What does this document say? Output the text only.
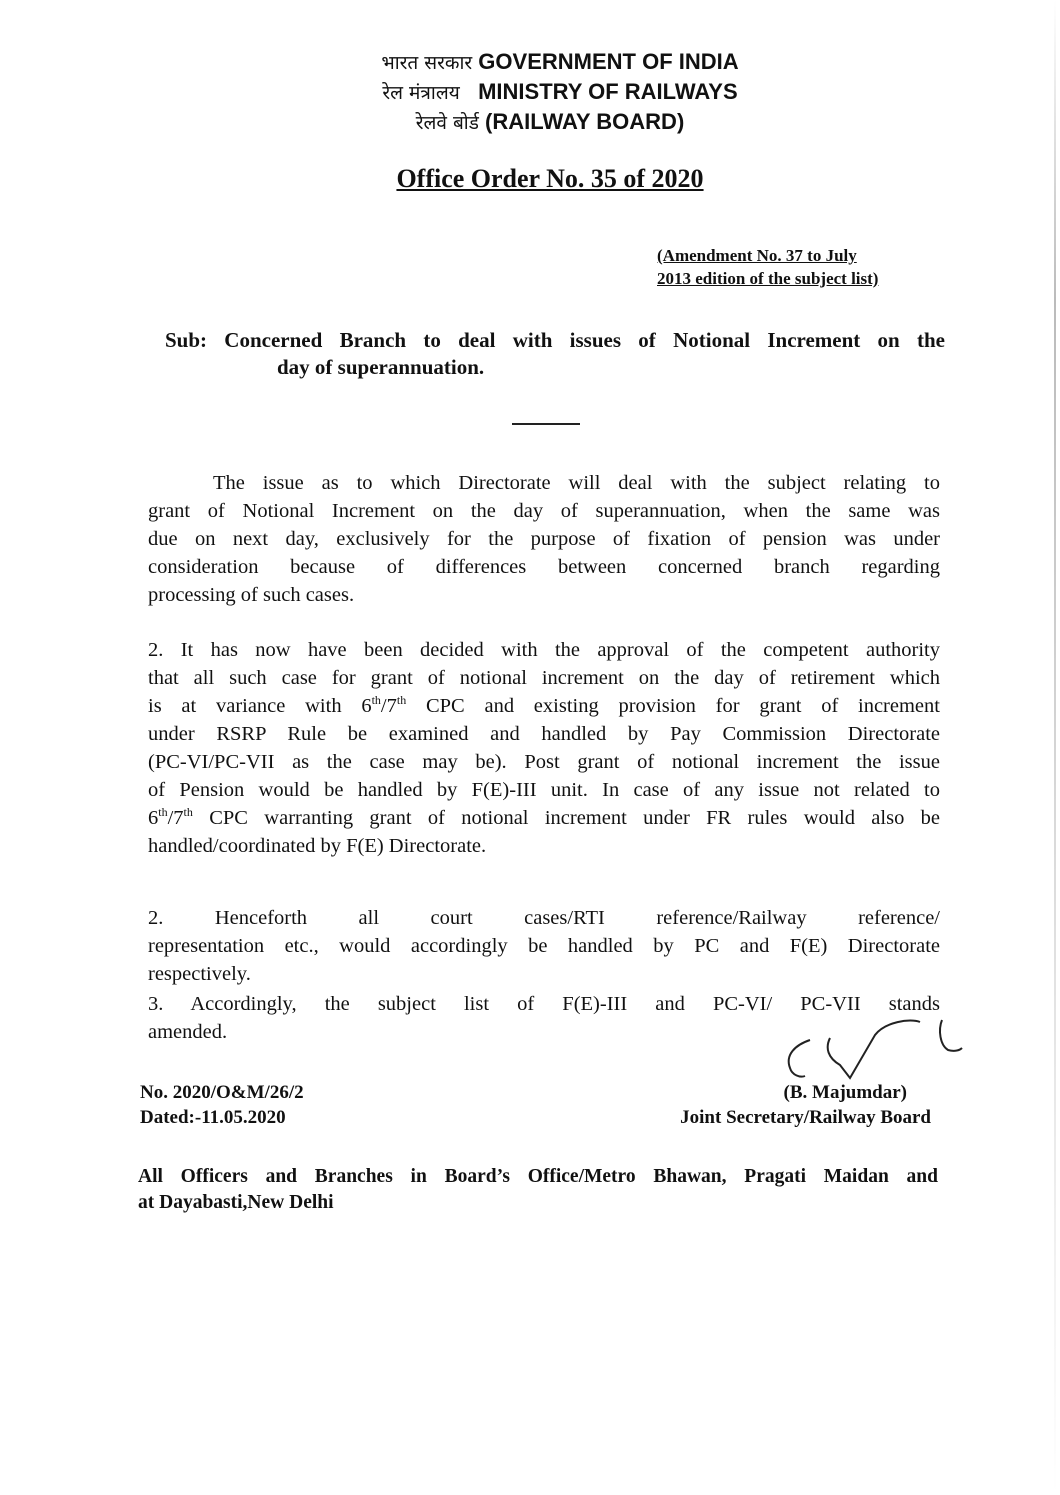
भारत सरकार GOVERNMENT OF INDIA
रेल मंत्रालय MINISTRY OF RAILWAYS
रेलवे बोर्ड (RAILWAY BOARD)
Office Order No. 35 of 2020
(Amendment No. 37 to July
2013 edition of the subject list)
Sub: Concerned Branch to deal with issues of Notional Increment on the
day of superannuation.
The issue as to which Directorate will deal with the subject relating to
grant of Notional Increment on the day of superannuation, when the same was
due on next day, exclusively for the purpose of fixation of pension was under
consideration because of differences between concerned branch regarding
processing of such cases.
2. It has now have been decided with the approval of the competent authority
that all such case for grant of notional increment on the day of retirement which
is at variance with 6th/7th CPC and existing provision for grant of increment
under RSRP Rule be examined and handled by Pay Commission Directorate
(PC-VI/PC-VII as the case may be). Post grant of notional increment the issue
of Pension would be handled by F(E)-III unit. In case of any issue not related to
6th/7th CPC warranting grant of notional increment under FR rules would also be
handled/coordinated by F(E) Directorate.
2. Henceforth all court cases/RTI reference/Railway reference/
representation etc., would accordingly be handled by PC and F(E) Directorate
respectively.
3. Accordingly, the subject list of F(E)-III and PC-VI/ PC-VII stands
amended.
No. 2020/O&M/26/2
Dated:-11.05.2020
(B. Majumdar)
Joint Secretary/Railway Board
All Officers and Branches in Board’s Office/Metro Bhawan, Pragati Maidan and
at Dayabasti,New Delhi
